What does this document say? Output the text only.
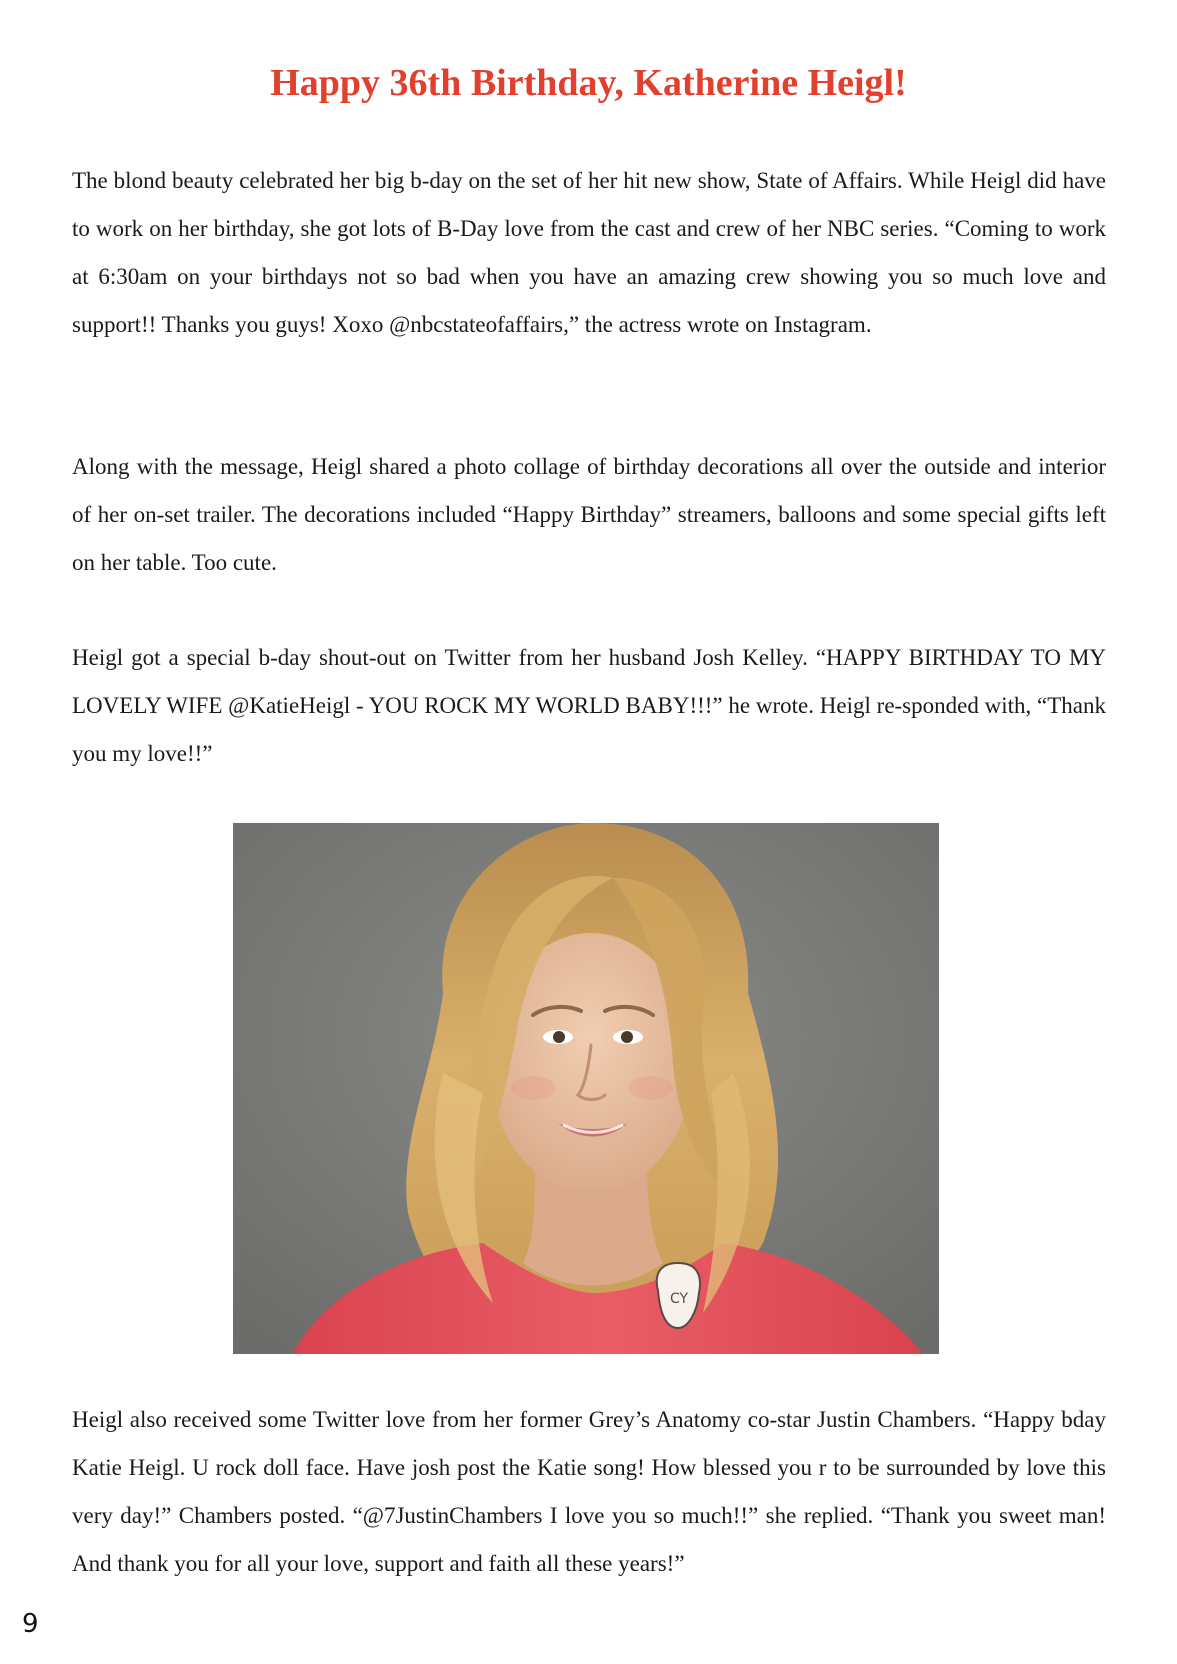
Happy 36th Birthday, Katherine Heigl!

The blond beauty celebrated her big b-day on the set of her hit new show, State of Affairs. While Heigl did have to work on her birthday, she got lots of B-Day love from the cast and crew of her NBC series. “Coming to work at 6:30am on your birthdays not so bad when you have an amazing crew showing you so much love and support!! Thanks you guys! Xoxo @nbcstateofaffairs,” the actress wrote on Instagram.

Along with the message, Heigl shared a photo collage of birthday decorations all over the outside and interior of her on-set trailer. The decorations included “Happy Birthday” streamers, balloons and some special gifts left on her table. Too cute.

Heigl got a special b-day shout-out on Twitter from her husband Josh Kelley. “HAPPY BIRTHDAY TO MY LOVELY WIFE @KatieHeigl - YOU ROCK MY WORLD BABY!!!” he wrote. Heigl re-sponded with, “Thank you my love!!”

CY

Heigl also received some Twitter love from her former Grey’s Anatomy co-star Justin Chambers. “Happy bday Katie Heigl. U rock doll face. Have josh post the Katie song! How blessed you r to be surrounded by love this very day!” Chambers posted. “@7JustinChambers I love you so much!!” she replied. “Thank you sweet man! And thank you for all your love, support and faith all these years!”

9
